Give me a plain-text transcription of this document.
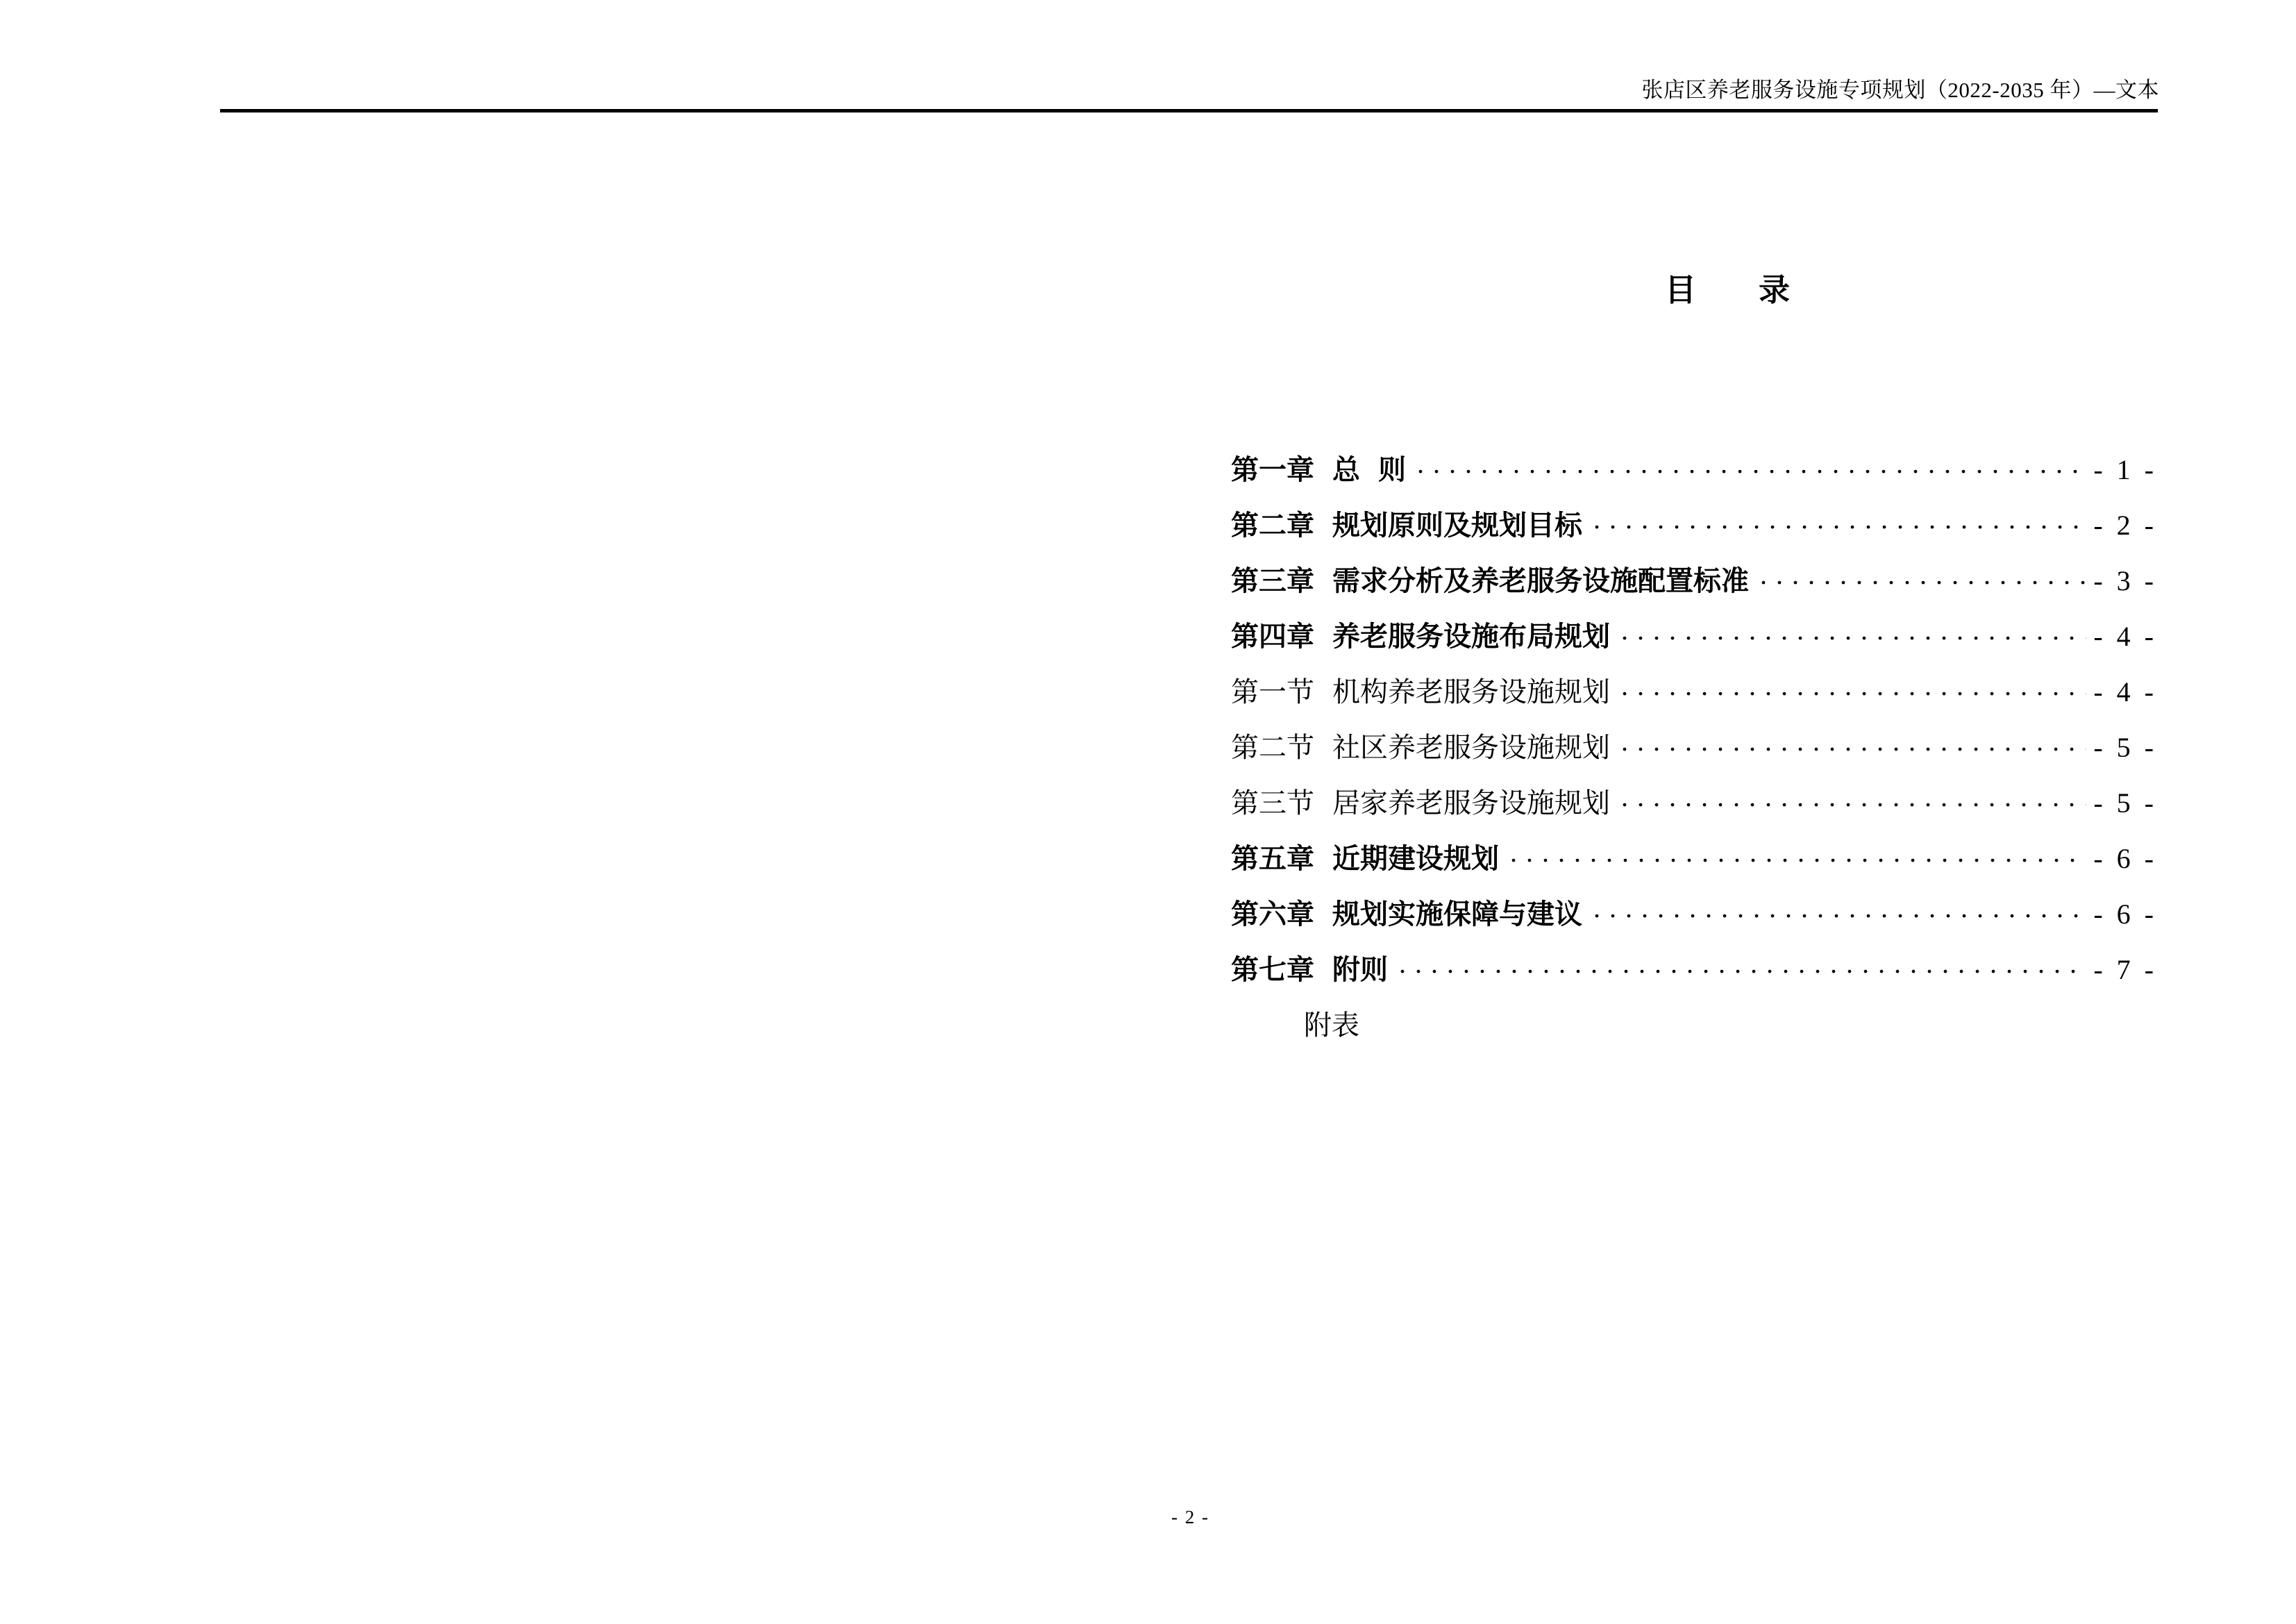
张店区养老服务设施专项规划（2022-2035 年）—文本
目　　录
第一章 总 则 . . .	- 1 -
第二章 规划原则及规划目标 . . .	- 2 -
第三章 需求分析及养老服务设施配置标准 . . .	- 3 -
第四章 养老服务设施布局规划 . . .	- 4 -
第一节 机构养老服务设施规划 . . .	- 4 -
第二节 社区养老服务设施规划 . . .	- 5 -
第三节 居家养老服务设施规划 . . .	- 5 -
第五章 近期建设规划 . . .	- 6 -
第六章 规划实施保障与建议 . . .	- 6 -
第七章 附则 . . .	- 7 -
附表
- 2 -
